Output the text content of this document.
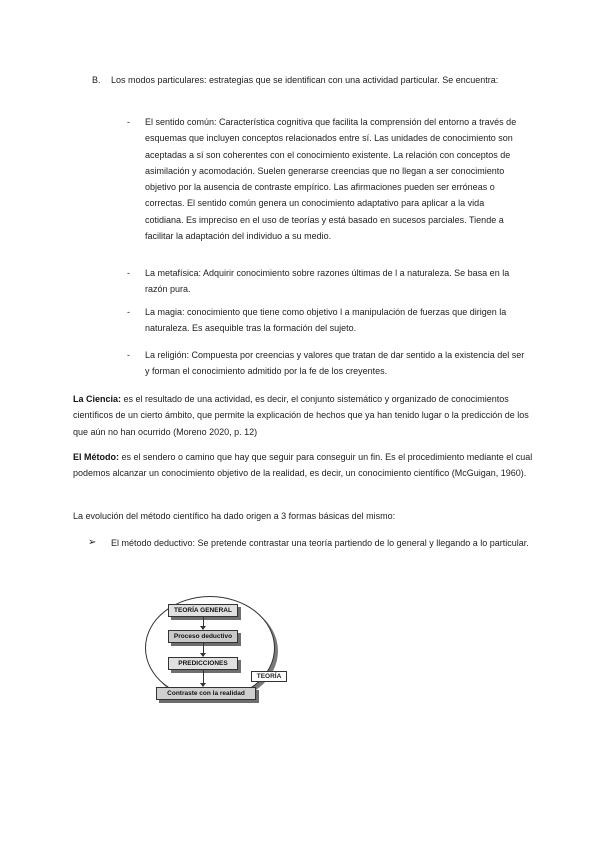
B. Los modos particulares: estrategias que se identifican con una actividad particular. Se encuentra:
- El sentido común: Característica cognitiva que facilita la comprensión del entorno a través de esquemas que incluyen conceptos relacionados entre sí. Las unidades de conocimiento son aceptadas a sí son coherentes con el conocimiento existente. La relación con conceptos de asimilación y acomodación. Suelen generarse creencias que no llegan a ser conocimiento objetivo por la ausencia de contraste empírico. Las afirmaciones pueden ser erróneas o correctas. El sentido común genera un conocimiento adaptativo para aplicar a la vida cotidiana. Es impreciso en el uso de teorías y está basado en sucesos parciales. Tiende a facilitar la adaptación del individuo a su medio.
- La metafísica: Adquirir conocimiento sobre razones últimas de l a naturaleza. Se basa en la razón pura.
- La magia: conocimiento que tiene como objetivo l a manipulación de fuerzas que dirigen la naturaleza. Es asequible tras la formación del sujeto.
- La religión: Compuesta por creencias y valores que tratan de dar sentido a la existencia del ser y forman el conocimiento admitido por la fe de los creyentes.
La Ciencia: es el resultado de una actividad, es decir, el conjunto sistemático y organizado de conocimientos científicos de un cierto ámbito, que permite la explicación de hechos que ya han tenido lugar o la predicción de los que aún no han ocurrido (Moreno 2020, p. 12)
El Método: es el sendero o camino que hay que seguir para conseguir un fin. Es el procedimiento mediante el cual podemos alcanzar un conocimiento objetivo de la realidad, es decir, un conocimiento científico (McGuigan, 1960).
La evolución del método científico ha dado origen a 3 formas básicas del mismo:
➢ El método deductivo: Se pretende contrastar una teoría partiendo de lo general y llegando a lo particular.
TEORÍA GENERAL
Proceso deductivo
PREDICCIONES
Contraste con la realidad
TEORÍA
